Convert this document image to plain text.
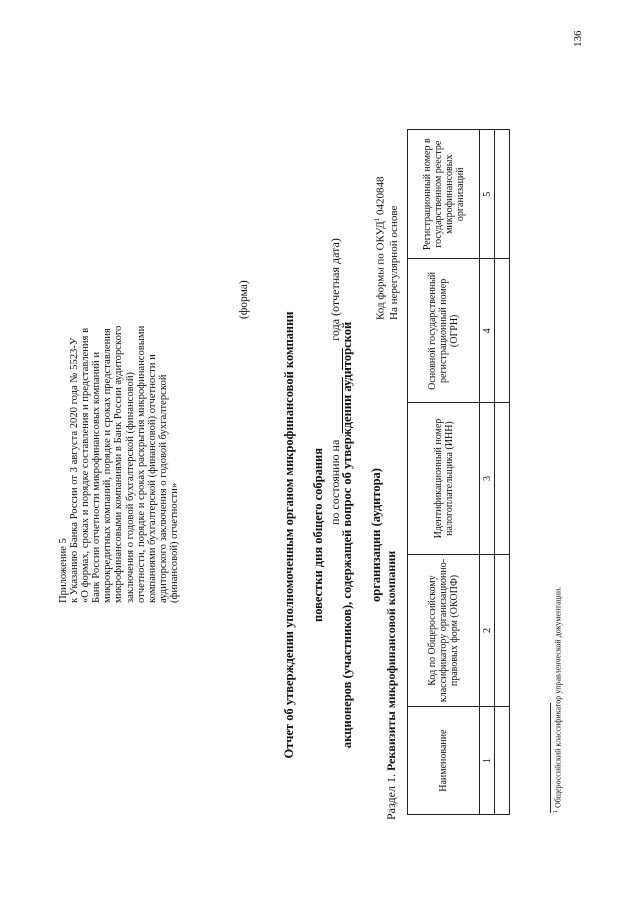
Приложение 5 к Указанию Банка России от 3 августа 2020 года № 5523-У «О формах, сроках и порядке составления и представления в Банк России отчетности микрофинансовых компаний и микрокредитных компаний, порядке и сроках представления микрофинансовыми компаниями в Банк России аудиторского заключения о годовой бухгалтерской (финансовой) отчетности, порядке и сроках раскрытия микрофинансовыми компаниями бухгалтерской (финансовой) отчетности и аудиторского заключения о годовой бухгалтерской (финансовой) отчетности»
(форма)
Отчет об утверждении уполномоченным органом микрофинансовой компании повестки дня общего собрания	акционеров (участников), содержащей вопрос об утверждении аудиторской организации (аудитора)
по состоянию на   года (отчетная дата)	Код формы по ОКУД$^1$ 0420848
На нерегулярной основе
Раздел 1. Реквизиты микрофинансовой компании	Наименование	Код по Общероссийскому классификатору организационно-правовых форм (ОКОПФ)	Идентификационный номер налогоплательщика (ИНН)	Основной государственный регистрационный номер (ОГРН)	Регистрационный номер в государственном реестре микрофинансовых организаций
1	2	3	4	5

$^1$ Общероссийский классификатор управленческой документации.
136
